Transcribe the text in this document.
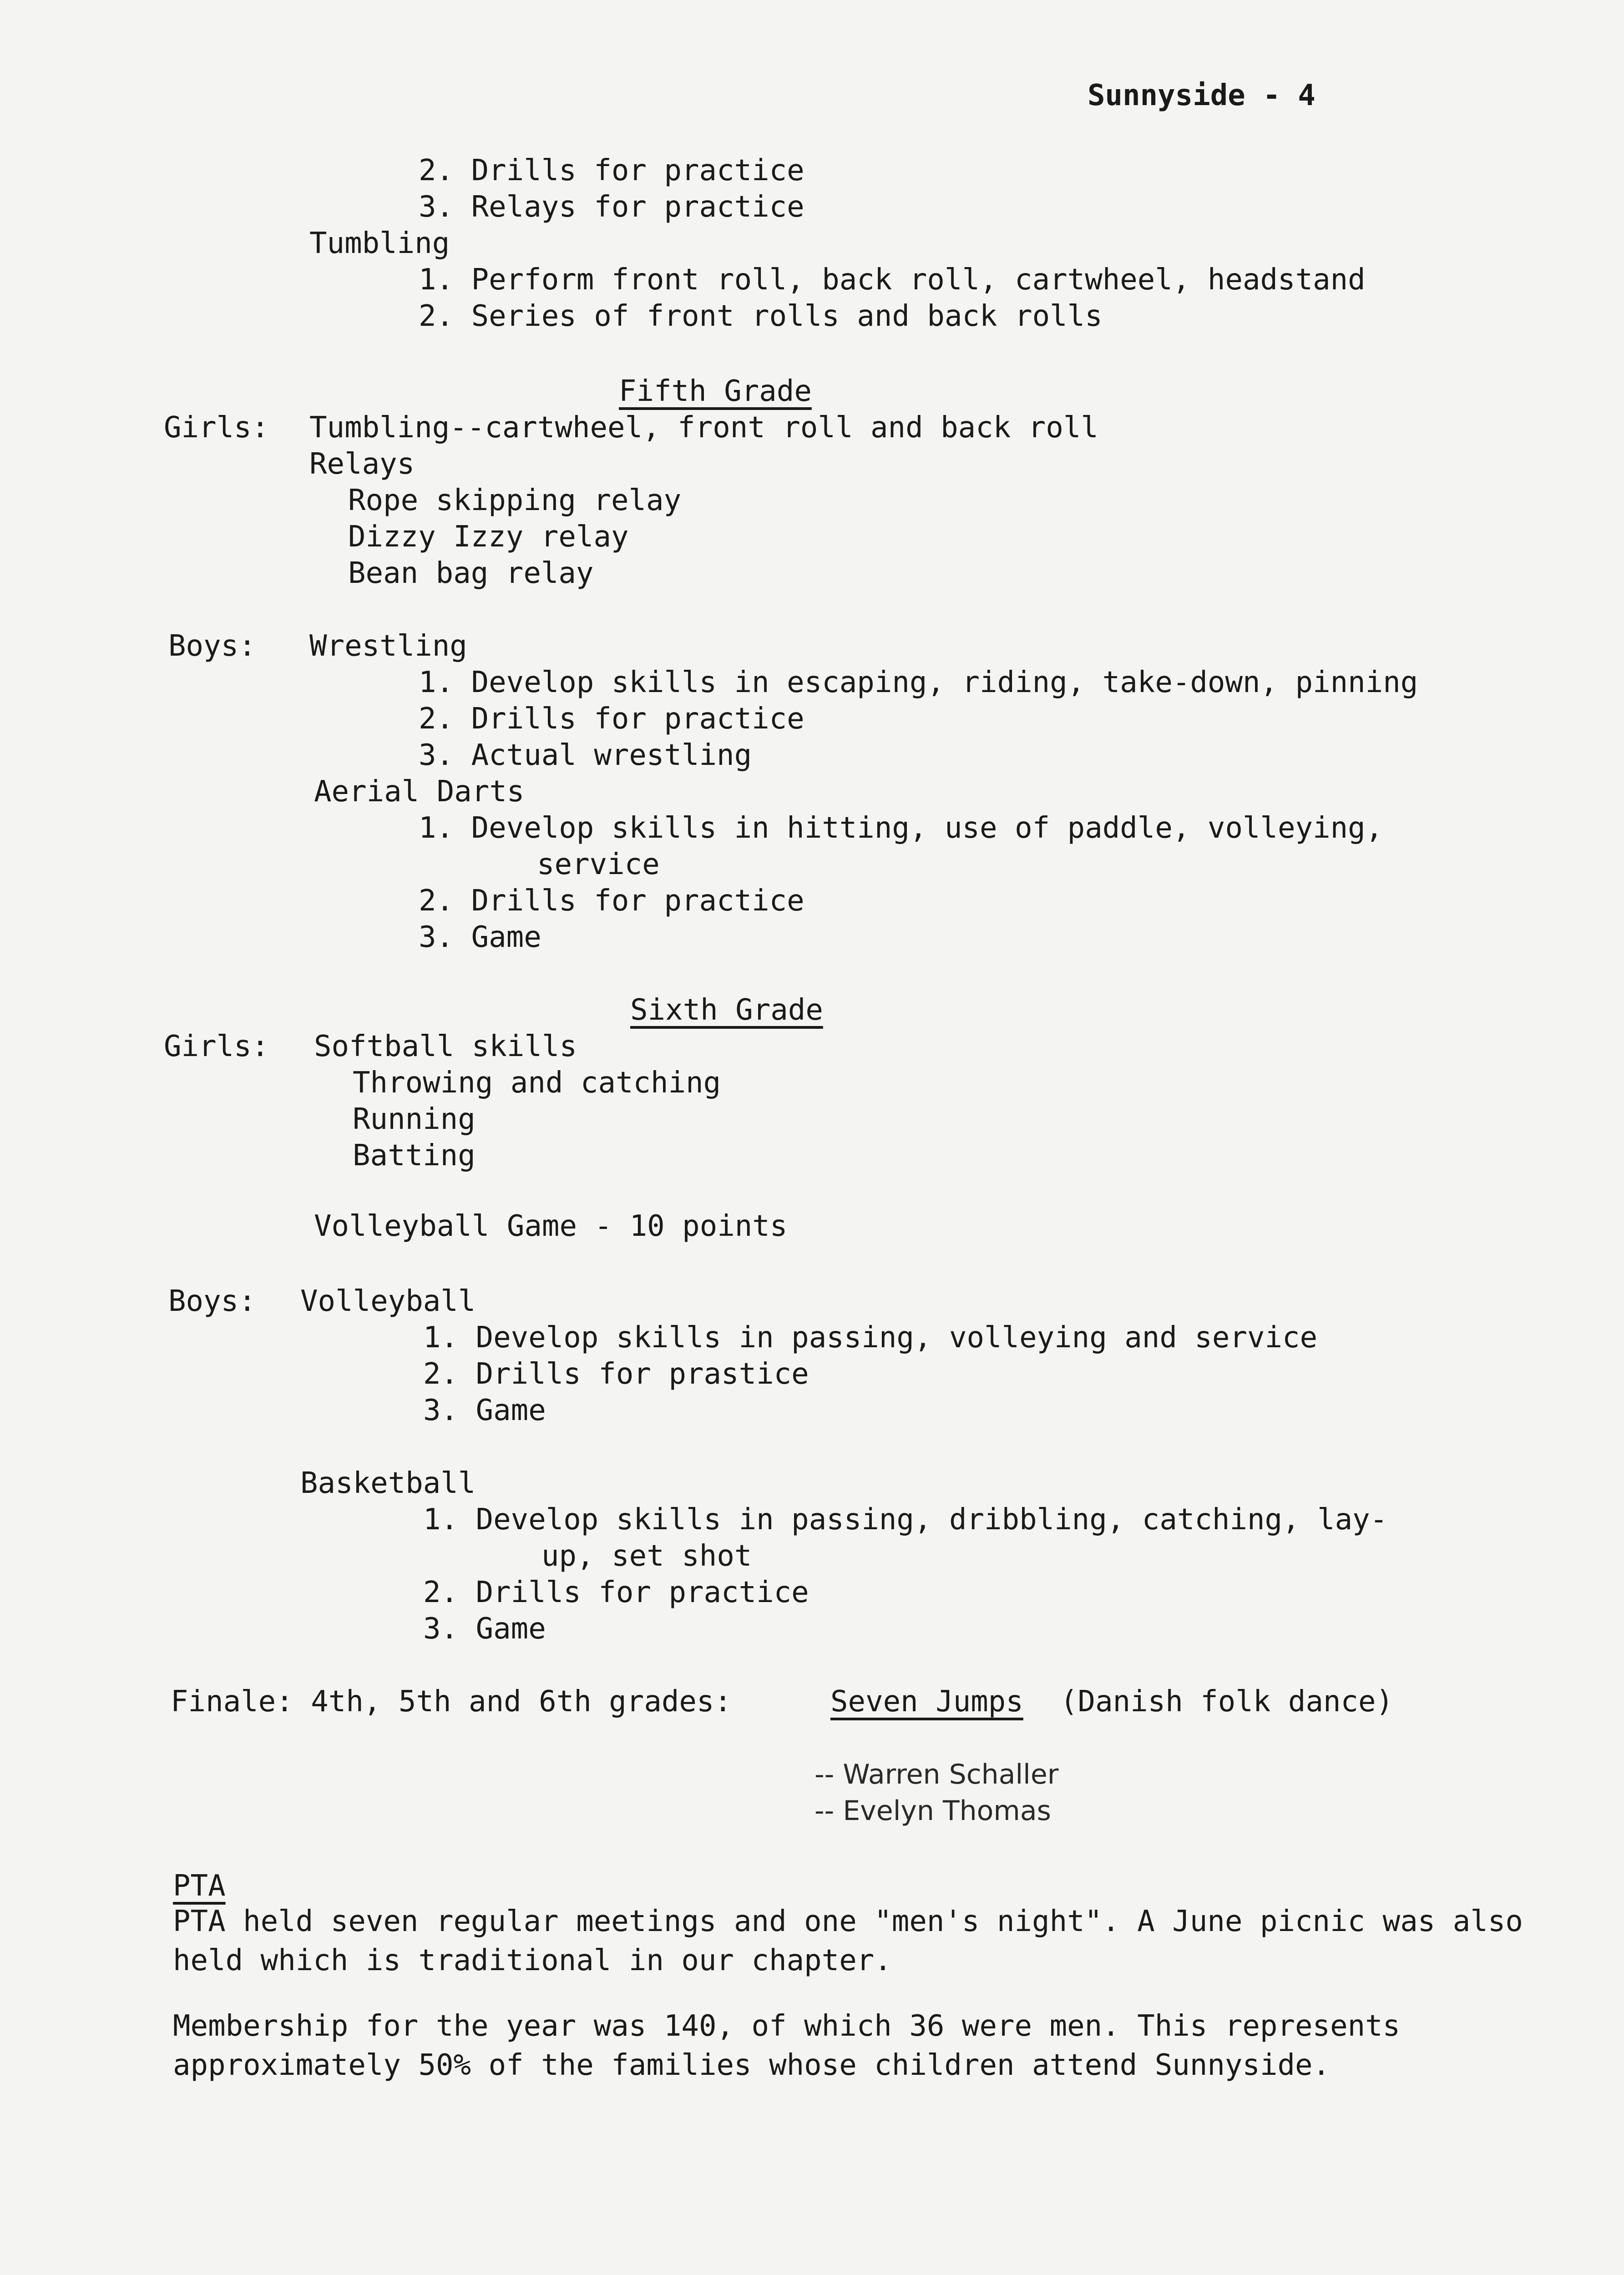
Sunnyside - 4
2. Drills for practice
3. Relays for practice
Tumbling
1. Perform front roll, back roll, cartwheel, headstand
2. Series of front rolls and back rolls
Fifth Grade
Girls: Tumbling--cartwheel, front roll and back roll
Relays
Rope skipping relay
Dizzy Izzy relay
Bean bag relay
Boys: Wrestling
1. Develop skills in escaping, riding, take-down, pinning
2. Drills for practice
3. Actual wrestling
Aerial Darts
1. Develop skills in hitting, use of paddle, volleying,
service
2. Drills for practice
3. Game
Sixth Grade
Girls: Softball skills
Throwing and catching
Running
Batting
Volleyball Game - 10 points
Boys: Volleyball
1. Develop skills in passing, volleying and service
2. Drills for prastice
3. Game
Basketball
1. Develop skills in passing, dribbling, catching, lay-
up, set shot
2. Drills for practice
3. Game
Finale: 4th, 5th and 6th grades:	Seven Jumps (Danish folk dance)
-- Warren Schaller
-- Evelyn Thomas
PTA
PTA held seven regular meetings and one "men's night". A June picnic was also held which is traditional in our chapter.
Membership for the year was 140, of which 36 were men. This represents approximately 50% of the families whose children attend Sunnyside.
